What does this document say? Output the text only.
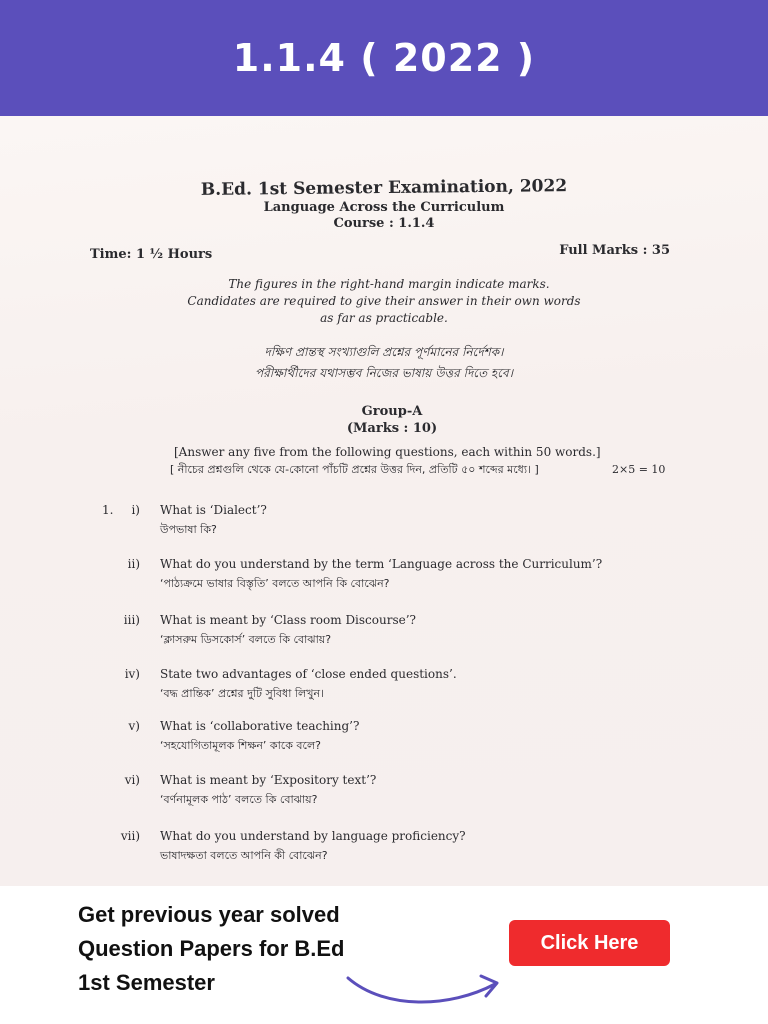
1.1.4 ( 2022 )
B.Ed. 1st Semester Examination, 2022
Language Across the Curriculum
Course : 1.1.4
Time: 1 ½ Hours	Full Marks : 35
The figures in the right-hand margin indicate marks.
Candidates are required to give their answer in their own words
as far as practicable.
দক্ষিণ প্রান্তস্থ সংখ্যাগুলি প্রশ্নের পূর্ণমানের নির্দেশক।
পরীক্ষার্থীদের যথাসম্ভব নিজের ভাষায় উত্তর দিতে হবে।
Group-A
(Marks : 10)
[Answer any five from the following questions, each within 50 words.]
[ নীচের প্রশ্নগুলি থেকে যে-কোনো পাঁচটি প্রশ্নের উত্তর দিন, প্রতিটি ৫০ শব্দের মধ্যে। ]	2×5 = 10
1.	i) What is ‘Dialect’?
উপভাষা কি?
ii) What do you understand by the term ‘Language across the Curriculum’?
‘পাঠ্যক্রমে ভাষার বিস্তৃতি’ বলতে আপনি কি বোঝেন?
iii) What is meant by ‘Class room Discourse’?
‘ক্লাসরুম ডিসকোর্স’ বলতে কি বোঝায়?
iv) State two advantages of ‘close ended questions’.
‘বদ্ধ প্রান্তিক’ প্রশ্নের দুটি সুবিধা লিখুন।
v) What is ‘collaborative teaching’?
‘সহযোগিতামূলক শিক্ষন’ কাকে বলে?
vi) What is meant by ‘Expository text’?
‘বর্ণনামূলক পাঠ’ বলতে কি বোঝায়?
vii) What do you understand by language proficiency?
ভাষাদক্ষতা বলতে আপনি কী বোঝেন?
Get previous year solved
Question Papers for B.Ed
1st Semester
Click Here
